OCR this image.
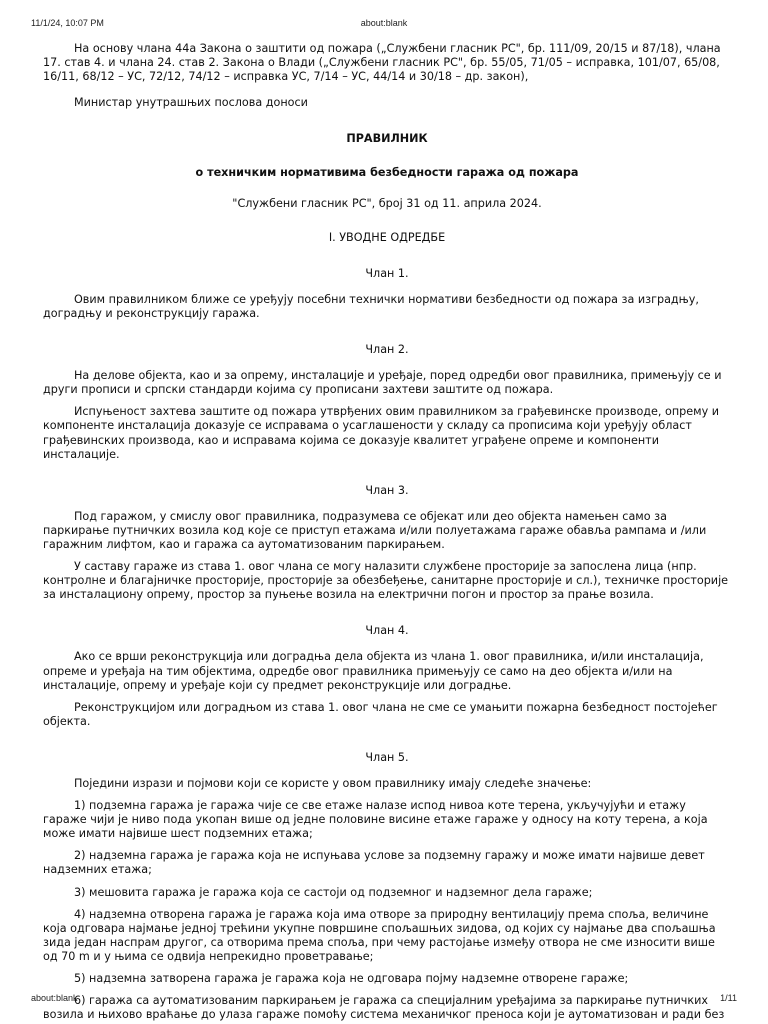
11/1/24, 10:07 PM	about:blank

На основу члана 44а Закона о заштити од пожара („Службени гласник РС", бр. 111/09, 20/15 и 87/18), члана 17. став 4. и члана 24. став 2. Закона о Влади („Службени гласник РС", бр. 55/05, 71/05 – исправка, 101/07, 65/08, 16/11, 68/12 – УС, 72/12, 74/12 – исправка УС, 7/14 – УС, 44/14 и 30/18 – др. закон),

Министар унутрашњих послова доноси

ПРАВИЛНИК

о техничким нормативима безбедности гаража од пожара

"Службени гласник РС", број 31 од 11. априла 2024.

I. УВОДНЕ ОДРЕДБЕ

Члан 1.

Овим правилником ближе се уређују посебни технички нормативи безбедности од пожара за изградњу, доградњу и реконструкцију гаража.

Члан 2.

На делове објекта, као и за опрему, инсталације и уређаје, поред одредби овог правилника, примењују се и други прописи и српски стандарди којима су прописани захтеви заштите од пожара.

Испуњеност захтева заштите од пожара утврђених овим правилником за грађевинске производе, опрему и компоненте инсталација доказује се исправама о усаглашености у складу са прописима који уређују област грађевинских производа, као и исправама којима се доказује квалитет уграђене опреме и компоненти инсталације.

Члан 3.

Под гаражом, у смислу овог правилника, подразумева се објекат или део објекта намењен само за паркирање путничких возила код које се приступ етажама и/или полуетажама гараже обавља рампама и /или гаражним лифтом, као и гаража са аутоматизованим паркирањем.

У саставу гараже из става 1. овог члана се могу налазити службене просторије за запослена лица (нпр. контролне и благајничке просторије, просторије за обезбеђење, санитарне просторије и сл.), техничке просторије за инсталациону опрему, простор за пуњење возила на електрични погон и простор за прање возила.

Члан 4.

Ако се врши реконструкција или доградња дела објекта из члана 1. овог правилника, и/или инсталација, опреме и уређаја на тим објектима, одредбе овог правилника примењују се само на део објекта и/или на инсталације, опрему и уређаје који су предмет реконструкције или доградње.

Реконструкцијом или доградњом из става 1. овог члана не сме се умањити пожарна безбедност постојећег објекта.

Члан 5.

Поједини изрази и појмови који се користе у овом правилнику имају следеће значење:

1) подземна гаража је гаража чије се све етаже налазе испод нивоа коте терена, укључујући и етажу гараже чији је ниво пода укопан више од једне половине висине етаже гараже у односу на коту терена, а која може имати највише шест подземних етажа;

2) надземна гаража је гаража која не испуњава услове за подземну гаражу и може имати највише девет надземних етажа;

3) мешовита гаража је гаража која се састоји од подземног и надземног дела гараже;

4) надземна отворена гаража је гаража која има отворе за природну вентилацију према споља, величине која одговара најмање једној трећини укупне површине спољашњих зидова, од којих су најмање два спољашња зида један наспрам другог, са отворима према споља, при чему растојање између отвора не сме износити више од 70 m и у њима се одвија непрекидно проветравање;

5) надземна затворена гаража је гаража која не одговара појму надземне отворене гараже;

6) гаража са аутоматизованим паркирањем је гаража са специјалним уређајима за паркирање путничких возила и њихово враћање до улаза гараже помоћу система механичког преноса који је аутоматизован и ради без

about:blank	1/11
